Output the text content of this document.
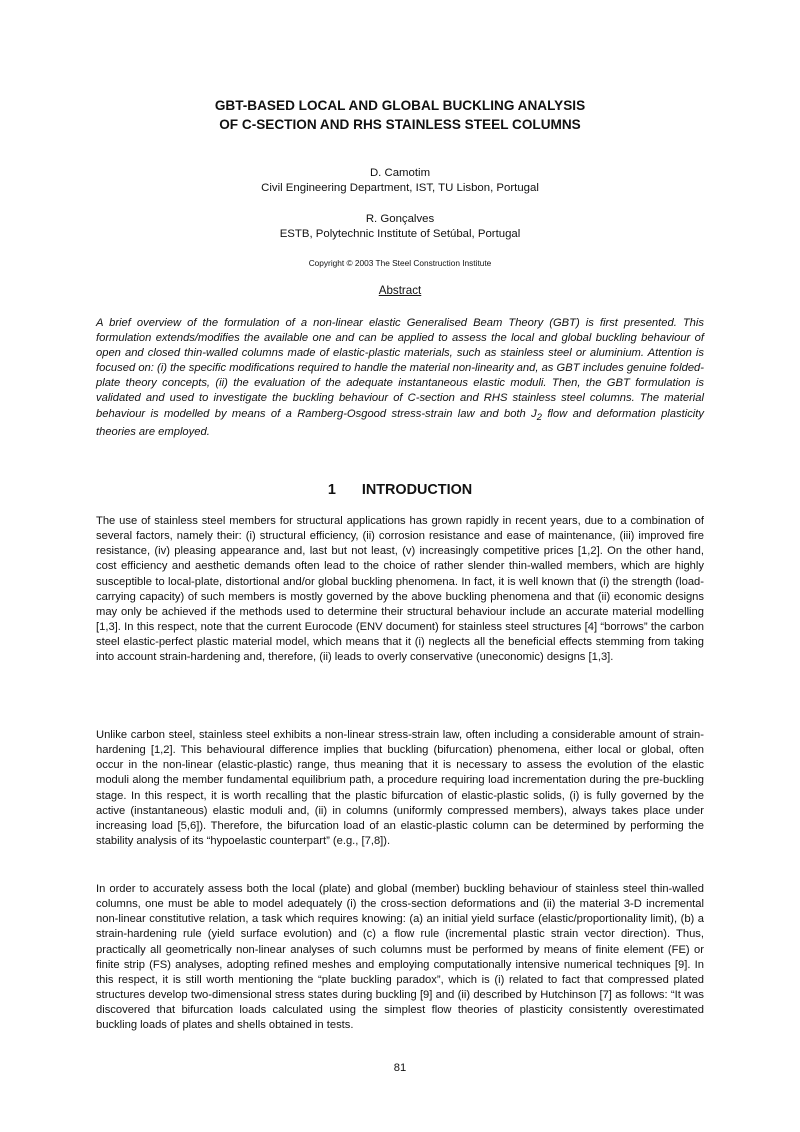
GBT-BASED LOCAL AND GLOBAL BUCKLING ANALYSIS
OF C-SECTION AND RHS STAINLESS STEEL COLUMNS
D. Camotim
Civil Engineering Department, IST, TU Lisbon, Portugal
R. Gonçalves
ESTB, Polytechnic Institute of Setúbal, Portugal
Copyright © 2003 The Steel Construction Institute
Abstract

A brief overview of the formulation of a non-linear elastic Generalised Beam Theory (GBT) is first presented. This formulation extends/modifies the available one and can be applied to assess the local and global buckling behaviour of open and closed thin-walled columns made of elastic-plastic materials, such as stainless steel or aluminium. Attention is focused on: (i) the specific modifications required to handle the material non-linearity and, as GBT includes genuine folded-plate theory concepts, (ii) the evaluation of the adequate instantaneous elastic moduli. Then, the GBT formulation is validated and used to investigate the buckling behaviour of C-section and RHS stainless steel columns. The material behaviour is modelled by means of a Ramberg-Osgood stress-strain law and both $J_2$ flow and deformation plasticity theories are employed.

1 INTRODUCTION

The use of stainless steel members for structural applications has grown rapidly in recent years, due to a combination of several factors, namely their: (i) structural efficiency, (ii) corrosion resistance and ease of maintenance, (iii) improved fire resistance, (iv) pleasing appearance and, last but not least, (v) increasingly competitive prices [1,2]. On the other hand, cost efficiency and aesthetic demands often lead to the choice of rather slender thin-walled members, which are highly susceptible to local-plate, distortional and/or global buckling phenomena. In fact, it is well known that (i) the strength (load-carrying capacity) of such members is mostly governed by the above buckling phenomena and that (ii) economic designs may only be achieved if the methods used to determine their structural behaviour include an accurate material modelling [1,3]. In this respect, note that the current Eurocode (ENV document) for stainless steel structures [4] “borrows” the carbon steel elastic-perfect plastic material model, which means that it (i) neglects all the beneficial effects stemming from taking into account strain-hardening and, therefore, (ii) leads to overly conservative (uneconomic) designs [1,3].

Unlike carbon steel, stainless steel exhibits a non-linear stress-strain law, often including a considerable amount of strain-hardening [1,2]. This behavioural difference implies that buckling (bifurcation) phenomena, either local or global, often occur in the non-linear (elastic-plastic) range, thus meaning that it is necessary to assess the evolution of the elastic moduli along the member fundamental equilibrium path, a procedure requiring load incrementation during the pre-buckling stage. In this respect, it is worth recalling that the plastic bifurcation of elastic-plastic solids, (i) is fully governed by the active (instantaneous) elastic moduli and, (ii) in columns (uniformly compressed members), always takes place under increasing load [5,6]). Therefore, the bifurcation load of an elastic-plastic column can be determined by performing the stability analysis of its “hypoelastic counterpart” (e.g., [7,8]).

In order to accurately assess both the local (plate) and global (member) buckling behaviour of stainless steel thin-walled columns, one must be able to model adequately (i) the cross-section deformations and (ii) the material 3-D incremental non-linear constitutive relation, a task which requires knowing: (a) an initial yield surface (elastic/proportionality limit), (b) a strain-hardening rule (yield surface evolution) and (c) a flow rule (incremental plastic strain vector direction). Thus, practically all geometrically non-linear analyses of such columns must be performed by means of finite element (FE) or finite strip (FS) analyses, adopting refined meshes and employing computationally intensive numerical techniques [9]. In this respect, it is still worth mentioning the “plate buckling paradox”, which is (i) related to fact that compressed plated structures develop two-dimensional stress states during buckling [9] and (ii) described by Hutchinson [7] as follows: “It was discovered that bifurcation loads calculated using the simplest flow theories of plasticity consistently overestimated buckling loads of plates and shells obtained in tests.

81
